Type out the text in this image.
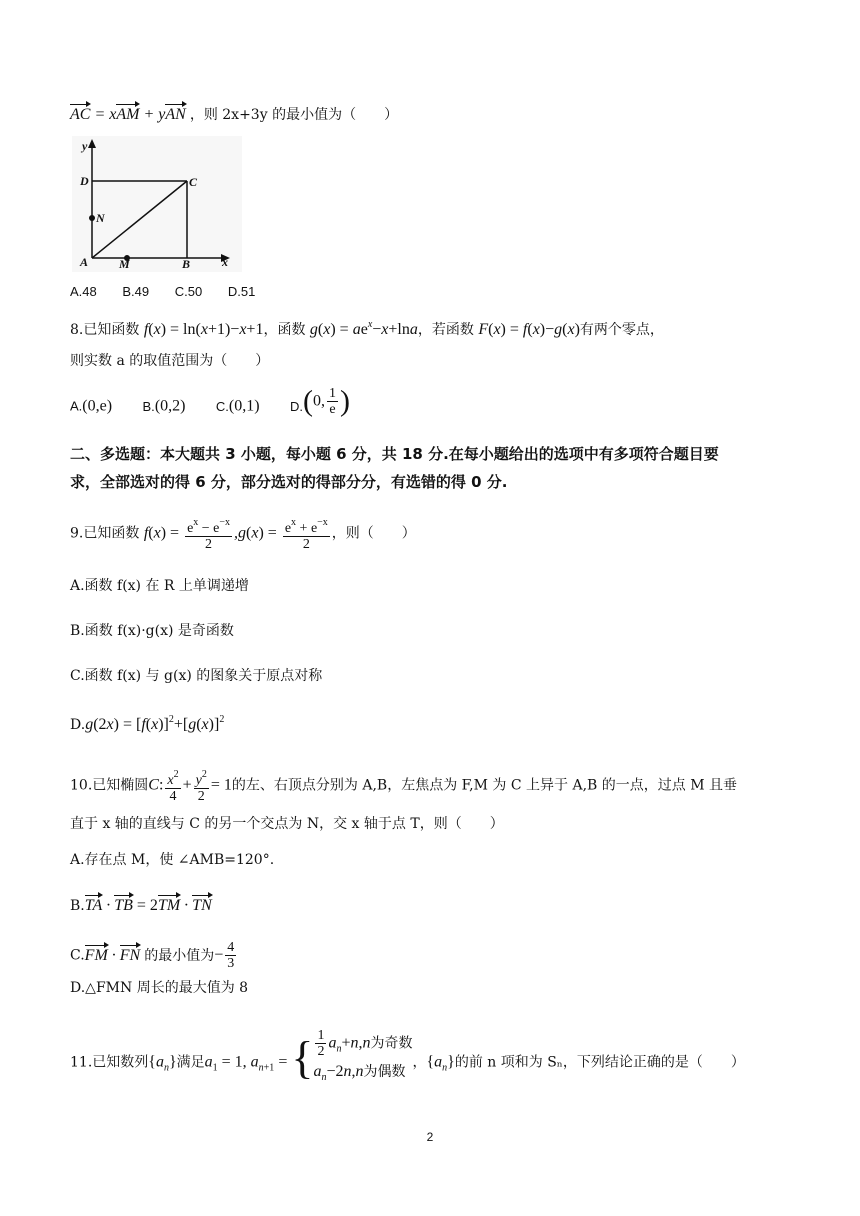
AC = xAM + yAN ，则 2x+3y 的最小值为（　　）
y
D	C
N
A	M	B	x
A.48 B.49 C.50 D.51
8.已知函数 f(x) = ln(x+1)−x+1，函数 $g(x) = ae^x-x+\ln a$，若函数 F(x) = f(x)−g(x)有两个零点，
则实数 a 的取值范围为（　　）
A.(0,e) B.(0,2) C.(0,1) D.(0, $\frac{1}{e}$ )
二、多选题：本大题共 3 小题，每小题 6 分，共 18 分.在每小题给出的选项中有多项符合题目要
求，全部选对的得 6 分，部分选对的得部分分，有选错的得 0 分.
9.已知函数 $f(x) = \frac{e^x - e^{-x}}{2} ,g(x) = \frac{e^x + e^{-x}}{2}$ ，则（　　）
A.函数 f(x) 在 R 上单调递增
B.函数 f(x)·g(x) 是奇函数
C.函数 f(x) 与 g(x) 的图象关于原点对称
$D.g(2x) = [f(x)]^2+[g(x)]^2$
10.已知椭圆C: $\frac{x^2}{4} + \frac{y^2}{2} = 1$的左、右顶点分别为 A,B，左焦点为 F,M 为 C 上异于 A,B 的一点，过点 M 且垂
直于 x 轴的直线与 C 的另一个交点为 N，交 x 轴于点 T，则（　　）
A.存在点 M，使 ∠AMB=120°.
B.TA · TB = 2TM · TN
C.FM · FN 的最小值为− $\frac{4}{3}$
D.△FMN 周长的最大值为 8
11.已知数列$\{a_n\}$满足$a_1 = 1$, $a_{n+1}$ = { $\frac{1}{2} a_n+n,n$为奇数
$a_n-2n,n$为偶数
，$\{a_n\}$的前 n 项和为 Sₙ，下列结论正确的是（　　）
2
